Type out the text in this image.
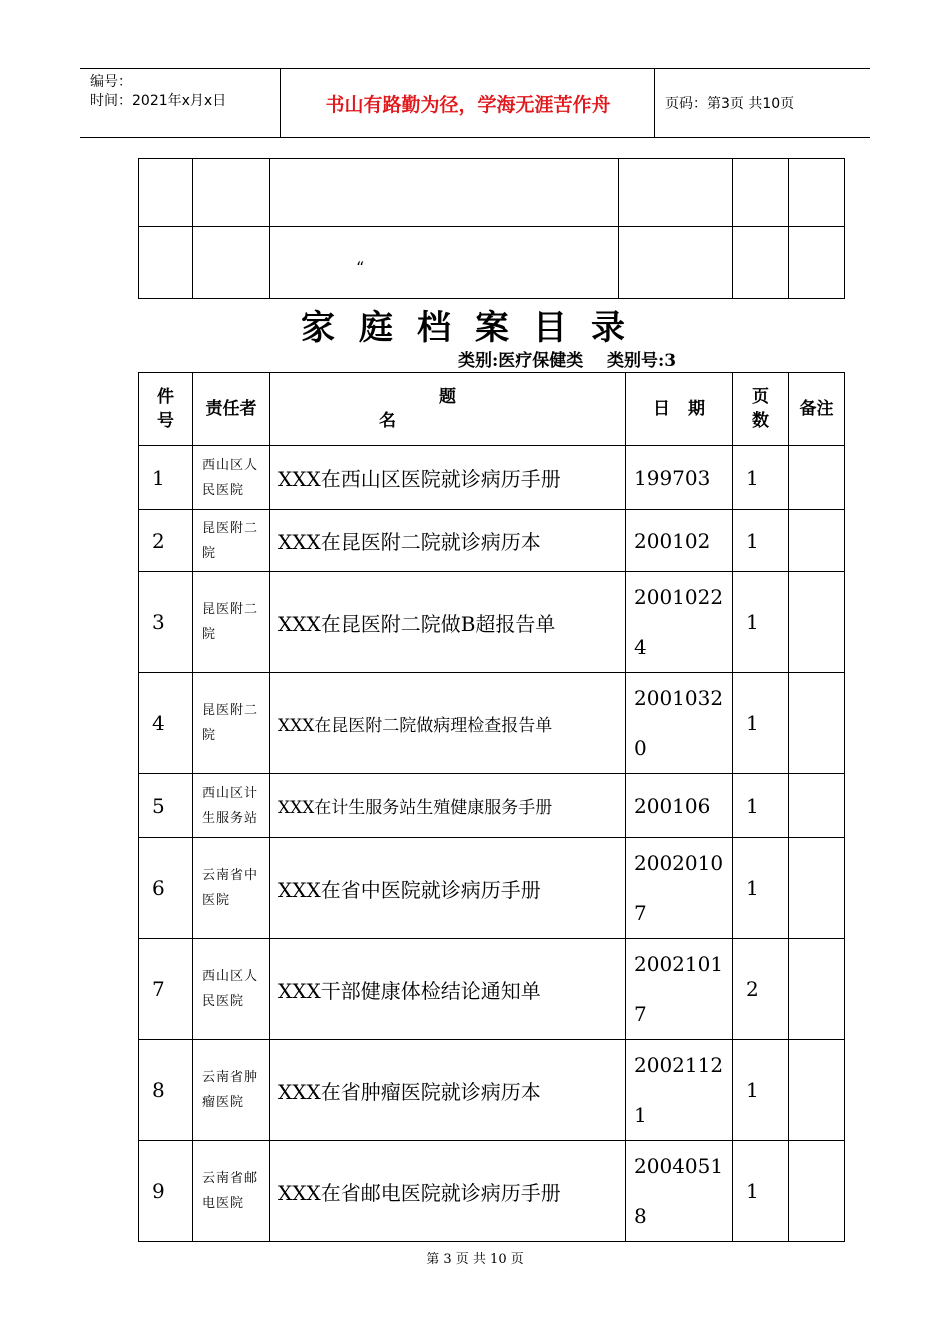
编号：
时间：2021年x月x日	书山有路勤为径，学海无涯苦作舟	页码：第3页 共10页

		“			
家庭档案目录
类别:医疗保健类    类别号:3
件号	责任者	题名	日期	页数	备注
1	西山区人民医院	XXX在西山区医院就诊病历手册	199703	1	
2	昆医附二院	XXX在昆医附二院就诊病历本	200102	1	
3	昆医附二院	XXX在昆医附二院做B超报告单	20010224	1	
4	昆医附二院	XXX在昆医附二院做病理检查报告单	20010320	1	
5	西山区计生服务站	XXX在计生服务站生殖健康服务手册	200106	1	
6	云南省中医院	XXX在省中医院就诊病历手册	20020107	1	
7	西山区人民医院	XXX干部健康体检结论通知单	20021017	2	
8	云南省肿瘤医院	XXX在省肿瘤医院就诊病历本	20021121	1	
9	云南省邮电医院	XXX在省邮电医院就诊病历手册	20040518	1	
第 3 页 共 10 页
